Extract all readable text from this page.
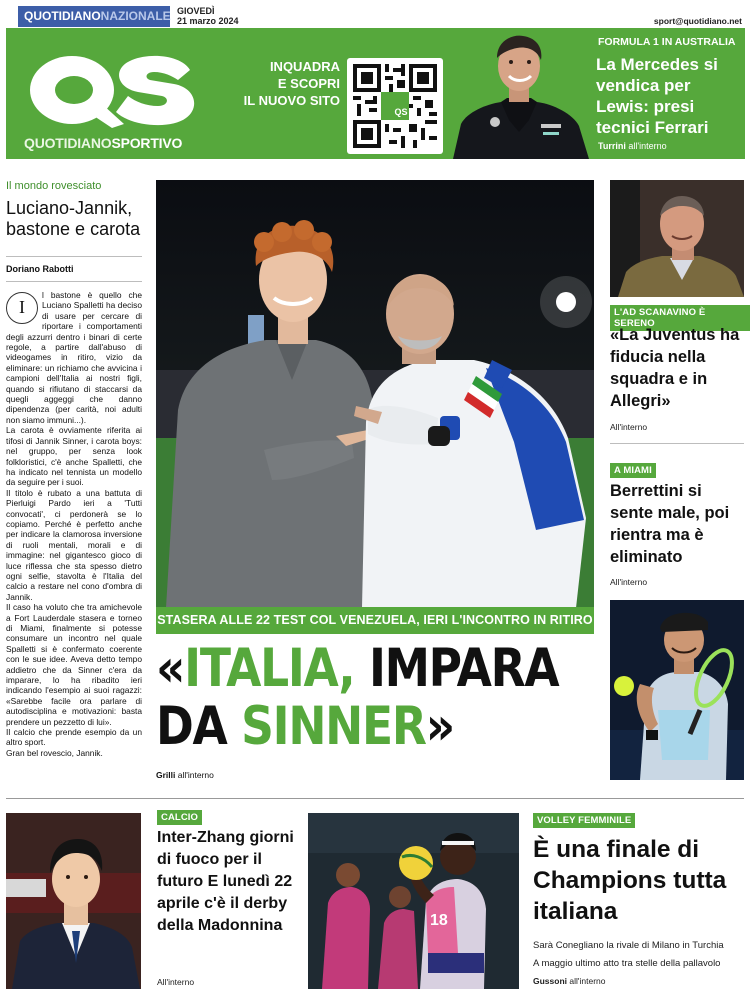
QUOTIDIANONAZIONALE GIOVEDÌ
21 marzo 2024	sport@quotidiano.net
QUOTIDIANOSPORTIVO
INQUADRA
E SCOPRI
IL NUOVO SITO
QS
FORMULA 1 IN AUSTRALIA
La Mercedes si vendica per Lewis: presi tecnici Ferrari
Turrini all'interno
Il mondo rovesciato
Luciano-Jannik, bastone e carota
Doriano Rabotti

l bastone è quello che Luciano Spalletti ha deciso di usare per cercare di riportare i comportamenti degli azzurri dentro i binari di certe regole, a partire dall'abuso di videogames in ritiro, vizio da eliminare: un richiamo che avvicina i campioni dell'Italia ai nostri figli, quando si rifiutano di staccarsi da quegli aggeggi che danno dipendenza (per carità, noi adulti non siamo immuni...).

La carota è ovviamente riferita ai tifosi di Jannik Sinner, i carota boys: nel gruppo, per senza look folkloristici, c'è anche Spalletti, che ha indicato nel tennista un modello da seguire per i suoi.

Il titolo è rubato a una battuta di Pierluigi Pardo ieri a 'Tutti convocati', ci perdonerà se lo copiamo. Perché è perfetto anche per indicare la clamorosa inversione di ruoli mentali, morali e di immagine: nel gigantesco gioco di luce riflessa che sta spesso dietro ogni selfie, stavolta è l'Italia del calcio a restare nel cono d'ombra di Jannik.

Il caso ha voluto che tra amichevole a Fort Lauderdale stasera e torneo di Miami, finalmente si potesse consumare un incontro nel quale Spalletti si è confermato coerente con le sue idee. Aveva detto tempo addietro che da Sinner c'era da imparare, lo ha ribadito ieri indicando l'esempio ai suoi ragazzi: «Sarebbe facile ora parlare di autodisciplina e motivazioni: basta prendere un pezzetto di lui».

Il calcio che prende esempio da un altro sport.

Gran bel rovescio, Jannik.

I
STASERA ALLE 22 TEST COL VENEZUELA, IERI L'INCONTRO IN RITIRO
«ITALIA, IMPARA
DA SINNER»
Grilli all'interno
L'AD SCANAVINO È SERENO
«La Juventus ha fiducia nella squadra e in Allegri»
All'interno
A MIAMI
Berrettini si sente male, poi rientra ma è eliminato
All'interno
CALCIO
Inter-Zhang giorni di fuoco per il futuro E lunedì 22 aprile c'è il derby della Madonnina
All'interno
18
VOLLEY FEMMINILE
È una finale di Champions tutta italiana
Sarà Conegliano la rivale di Milano in Turchia
A maggio ultimo atto tra stelle della pallavolo
Gussoni all'interno
